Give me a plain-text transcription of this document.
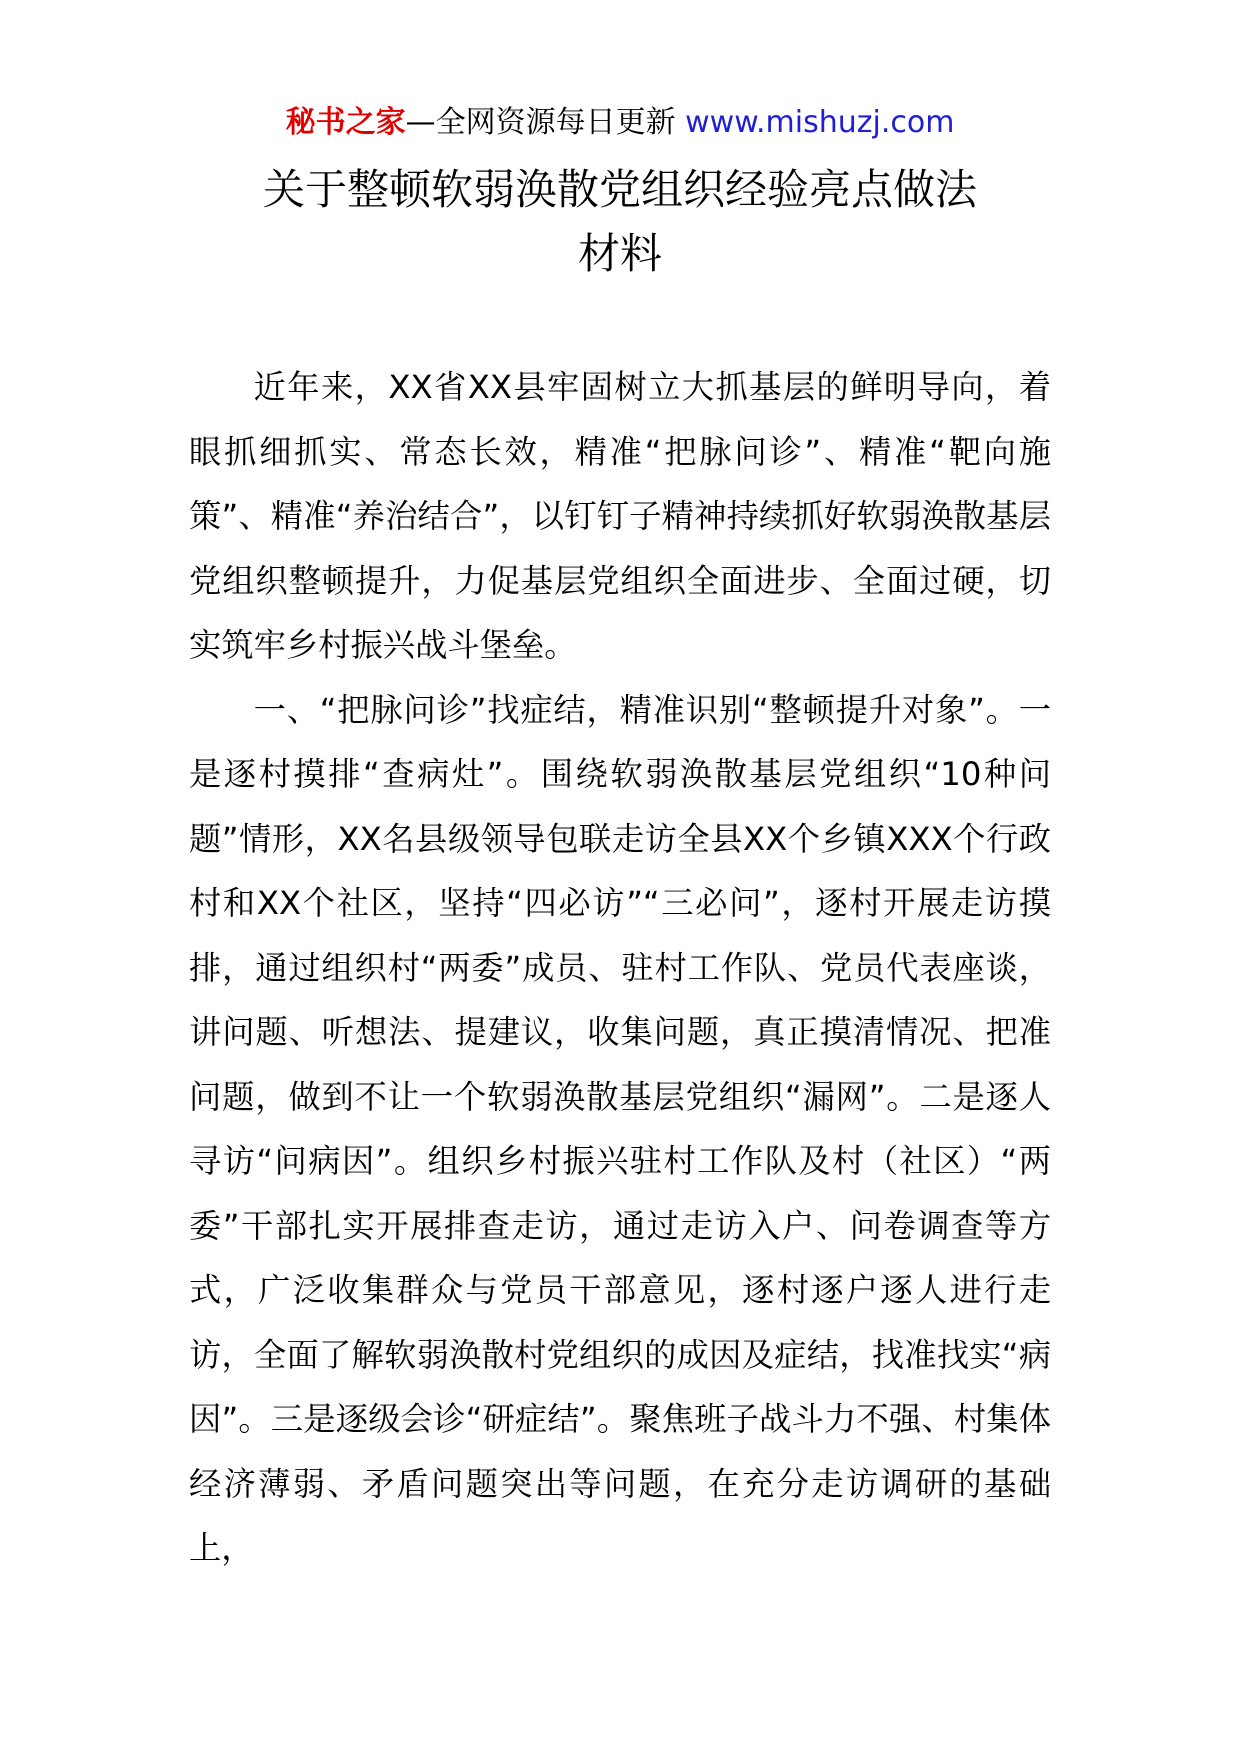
秘书之家—全网资源每日更新 www.mishuzj.com
关于整顿软弱涣散党组织经验亮点做法
材料

近年来，XX省XX县牢固树立大抓基层的鲜明导向，着眼抓细抓实、常态长效，精准“把脉问诊”、精准“靶向施策”、精准“养治结合”，以钉钉子精神持续抓好软弱涣散基层党组织整顿提升，力促基层党组织全面进步、全面过硬，切实筑牢乡村振兴战斗堡垒。

一、“把脉问诊”找症结，精准识别“整顿提升对象”。一是逐村摸排“查病灶”。围绕软弱涣散基层党组织“10种问题”情形，XX名县级领导包联走访全县XX个乡镇XXX个行政村和XX个社区，坚持“四必访”“三必问”，逐村开展走访摸排，通过组织村“两委”成员、驻村工作队、党员代表座谈，讲问题、听想法、提建议，收集问题，真正摸清情况、把准问题，做到不让一个软弱涣散基层党组织“漏网”。二是逐人寻访“问病因”。组织乡村振兴驻村工作队及村（社区）“两委”干部扎实开展排查走访，通过走访入户、问卷调查等方式，广泛收集群众与党员干部意见，逐村逐户逐人进行走访，全面了解软弱涣散村党组织的成因及症结，找准找实“病因”。三是逐级会诊“研症结”。聚焦班子战斗力不强、村集体经济薄弱、矛盾问题突出等问题，在充分走访调研的基础上，
